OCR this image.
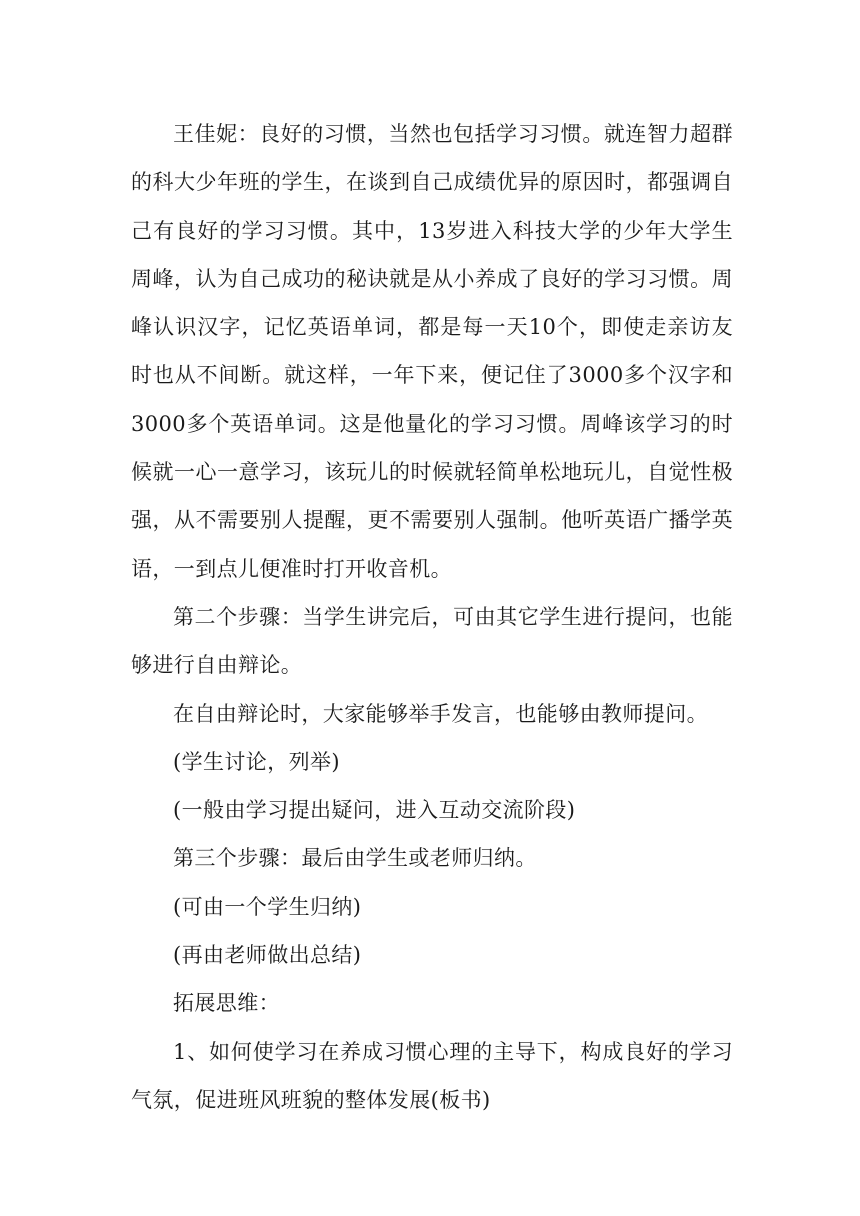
王佳妮：良好的习惯，当然也包括学习习惯。就连智力超群的科大少年班的学生，在谈到自己成绩优异的原因时，都强调自己有良好的学习习惯。其中，13岁进入科技大学的少年大学生周峰，认为自己成功的秘诀就是从小养成了良好的学习习惯。周峰认识汉字，记忆英语单词，都是每一天10个，即使走亲访友时也从不间断。就这样，一年下来，便记住了3000多个汉字和3000多个英语单词。这是他量化的学习习惯。周峰该学习的时候就一心一意学习，该玩儿的时候就轻简单松地玩儿，自觉性极强，从不需要别人提醒，更不需要别人强制。他听英语广播学英语，一到点儿便准时打开收音机。

第二个步骤：当学生讲完后，可由其它学生进行提问，也能够进行自由辩论。

在自由辩论时，大家能够举手发言，也能够由教师提问。

(学生讨论，列举)

(一般由学习提出疑问，进入互动交流阶段)

第三个步骤：最后由学生或老师归纳。

(可由一个学生归纳)

(再由老师做出总结)

拓展思维：

1、如何使学习在养成习惯心理的主导下，构成良好的学习气氛，促进班风班貌的整体发展(板书)
